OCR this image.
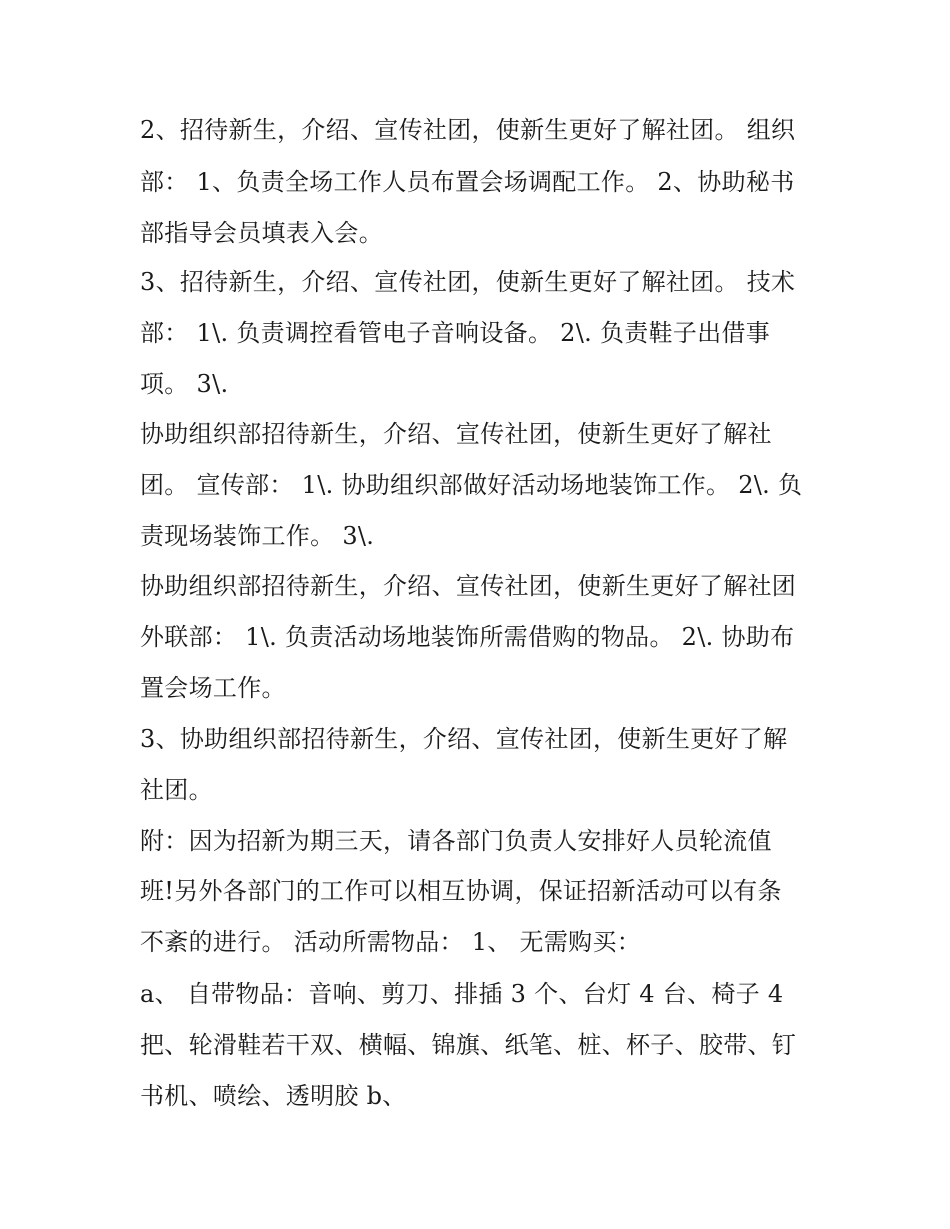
2、招待新生，介绍、宣传社团，使新生更好了解社团。 组织
部： 1、负责全场工作人员布置会场调配工作。 2、协助秘书
部指导会员填表入会。
3、招待新生，介绍、宣传社团，使新生更好了解社团。 技术
部： 1\. 负责调控看管电子音响设备。 2\. 负责鞋子出借事
项。 3\.
协助组织部招待新生，介绍、宣传社团，使新生更好了解社
团。 宣传部： 1\. 协助组织部做好活动场地装饰工作。 2\. 负
责现场装饰工作。 3\.
协助组织部招待新生，介绍、宣传社团，使新生更好了解社团
外联部： 1\. 负责活动场地装饰所需借购的物品。 2\. 协助布
置会场工作。
3、协助组织部招待新生，介绍、宣传社团，使新生更好了解
社团。
附：因为招新为期三天，请各部门负责人安排好人员轮流值
班!另外各部门的工作可以相互协调，保证招新活动可以有条
不紊的进行。 活动所需物品： 1、 无需购买：
a、 自带物品：音响、剪刀、排插 3 个、台灯 4 台、椅子 4
把、轮滑鞋若干双、横幅、锦旗、纸笔、桩、杯子、胶带、钉
书机、喷绘、透明胶 b、
